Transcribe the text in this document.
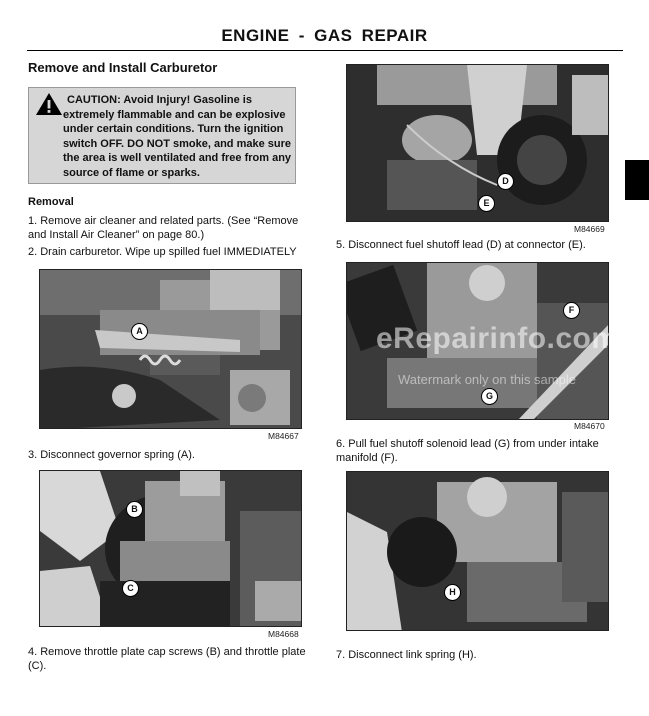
ENGINE - GAS REPAIR
Remove and Install Carburetor
CAUTION: Avoid Injury! Gasoline is
extremely flammable and can be explosive under certain conditions. Turn the ignition switch OFF. DO NOT smoke, and make sure the area is well ventilated and free from any source of flame or sparks.
Removal
1. Remove air cleaner and related parts. (See “Remove and Install Air Cleaner” on page 80.)
2. Drain carburetor. Wipe up spilled fuel IMMEDIATELY
A
M84667
3. Disconnect governor spring (A).
B
C
M84668
4. Remove throttle plate cap screws (B) and throttle plate (C).
D
E
M84669
5. Disconnect fuel shutoff lead (D) at connector (E).
F
G
M84670
6. Pull fuel shutoff solenoid lead (G) from under intake manifold (F).
H
7. Disconnect link spring (H).
eRepairinfo.com
Watermark only on this sample
